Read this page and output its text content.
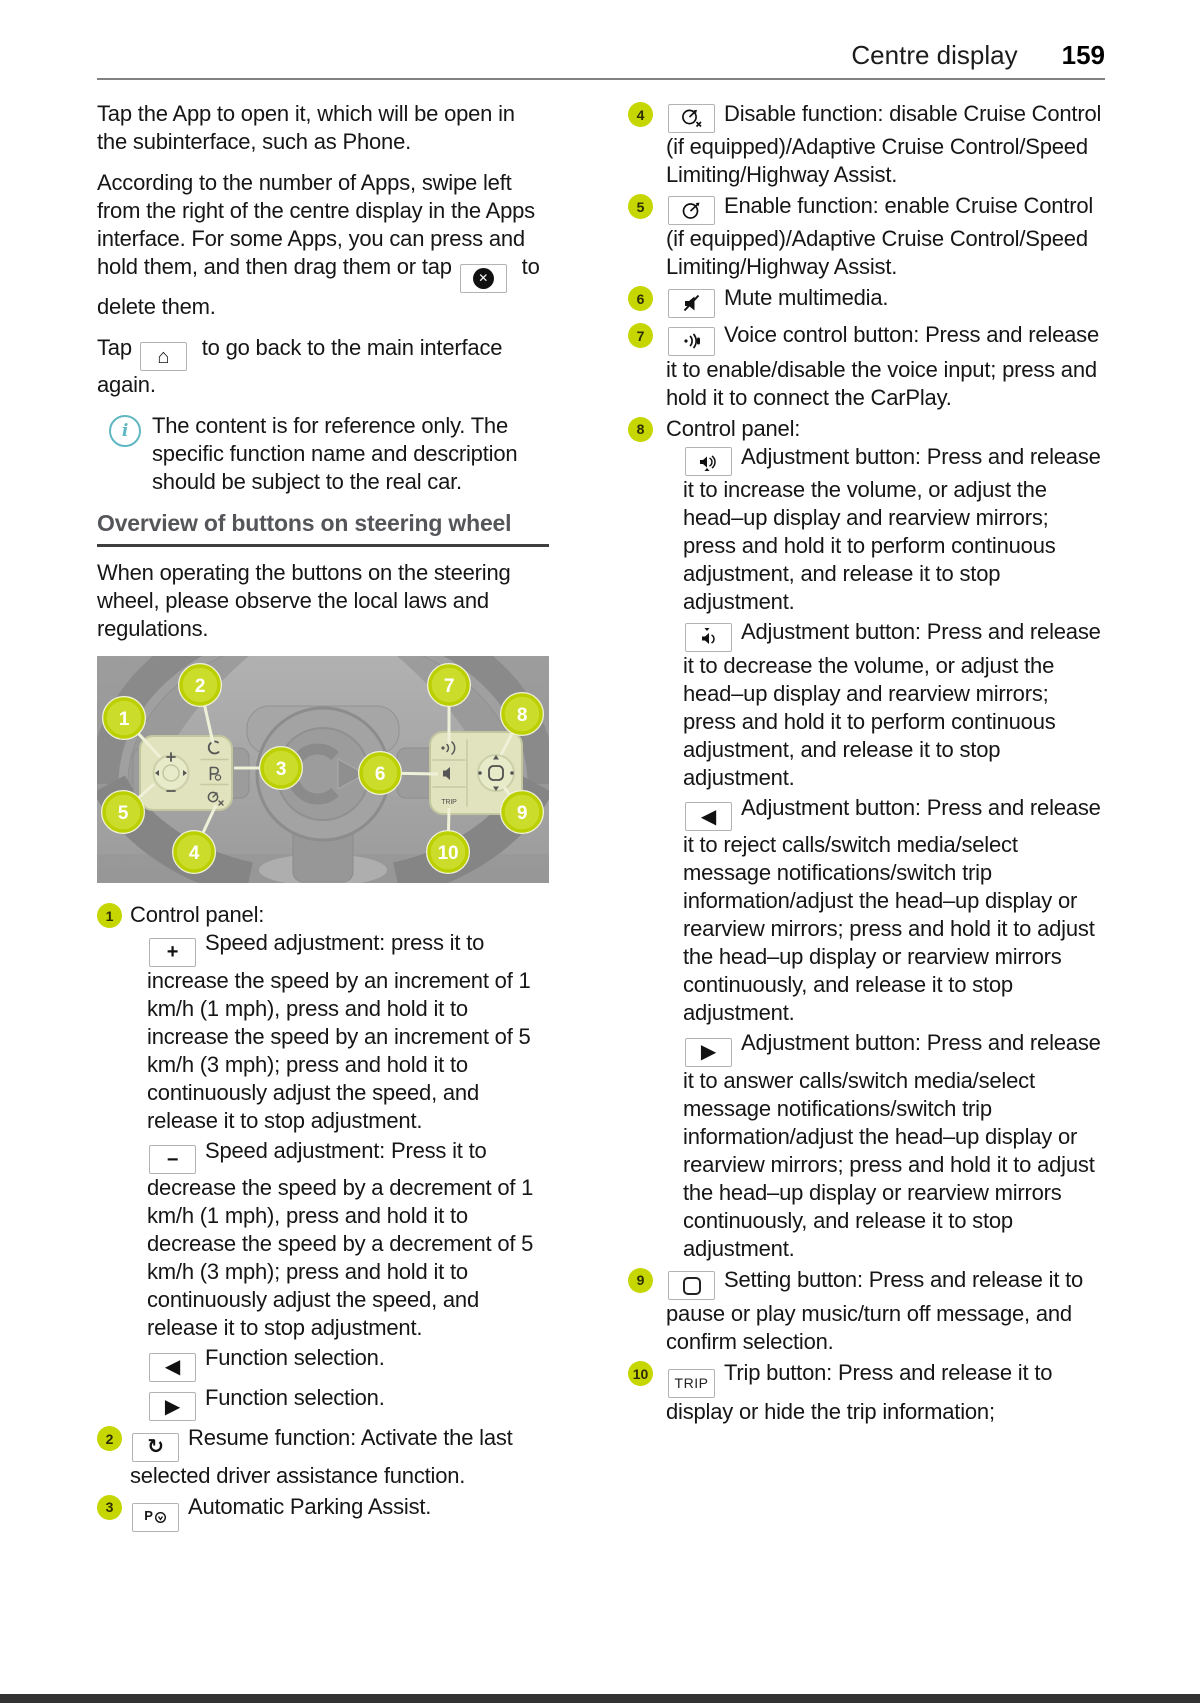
Centre display 159

Tap the App to open it, which will be open in the subinterface, such as Phone.

According to the number of Apps, swipe left from the right of the centre display in the Apps interface. For some Apps, you can press and hold them, and then drag them or tap	✕ to delete them.

Tap ⌂ to go back to the main interface again.

i The content is for reference only. The specific function name and description should be subject to the real car.

Overview of buttons on steering wheel

When operating the buttons on the steering wheel, please observe the local laws and regulations.

TRIP
1
2
3
4
5
6
7
8
9
10
1 Control panel:
+ Speed adjustment: press it to increase the speed by an increment of 1 km/h (1 mph), press and hold it to increase the speed by an increment of 5 km/h (3 mph); press and hold it to continuously adjust the speed, and release it to stop adjustment.
− Speed adjustment: Press it to decrease the speed by a decrement of 1 km/h (1 mph), press and hold it to decrease the speed by a decrement of 5 km/h (3 mph); press and hold it to continuously adjust the speed, and release it to stop adjustment.
◀ Function selection.
▶ Function selection.
2	↻ Resume function: Activate the last selected driver assistance function.
3	P Automatic Parking Assist.
4	Disable function: disable Cruise Control (if equipped)/Adaptive Cruise Control/Speed Limiting/Highway Assist.
5	Enable function: enable Cruise Control (if equipped)/Adaptive Cruise Control/Speed Limiting/Highway Assist.
6	Mute multimedia.
7	Voice control button: Press and release it to enable/disable the voice input; press and hold it to connect the CarPlay.
8 Control panel:
Adjustment button: Press and release it to increase the volume, or adjust the head–up display and rearview mirrors; press and hold it to perform continuous adjustment, and release it to stop adjustment.
Adjustment button: Press and release it to decrease the volume, or adjust the head–up display and rearview mirrors; press and hold it to perform continuous adjustment, and release it to stop adjustment.
◀ Adjustment button: Press and release it to reject calls/switch media/select message notifications/switch trip information/adjust the head–up display or rearview mirrors; press and hold it to adjust the head–up display or rearview mirrors continuously, and release it to stop adjustment.
▶ Adjustment button: Press and release it to answer calls/switch media/select message notifications/switch trip information/adjust the head–up display or rearview mirrors; press and hold it to adjust the head–up display or rearview mirrors continuously, and release it to stop adjustment.
9	Setting button: Press and release it to pause or play music/turn off message, and confirm selection.
10
TRIP Trip button: Press and release it to display or hide the trip information;
